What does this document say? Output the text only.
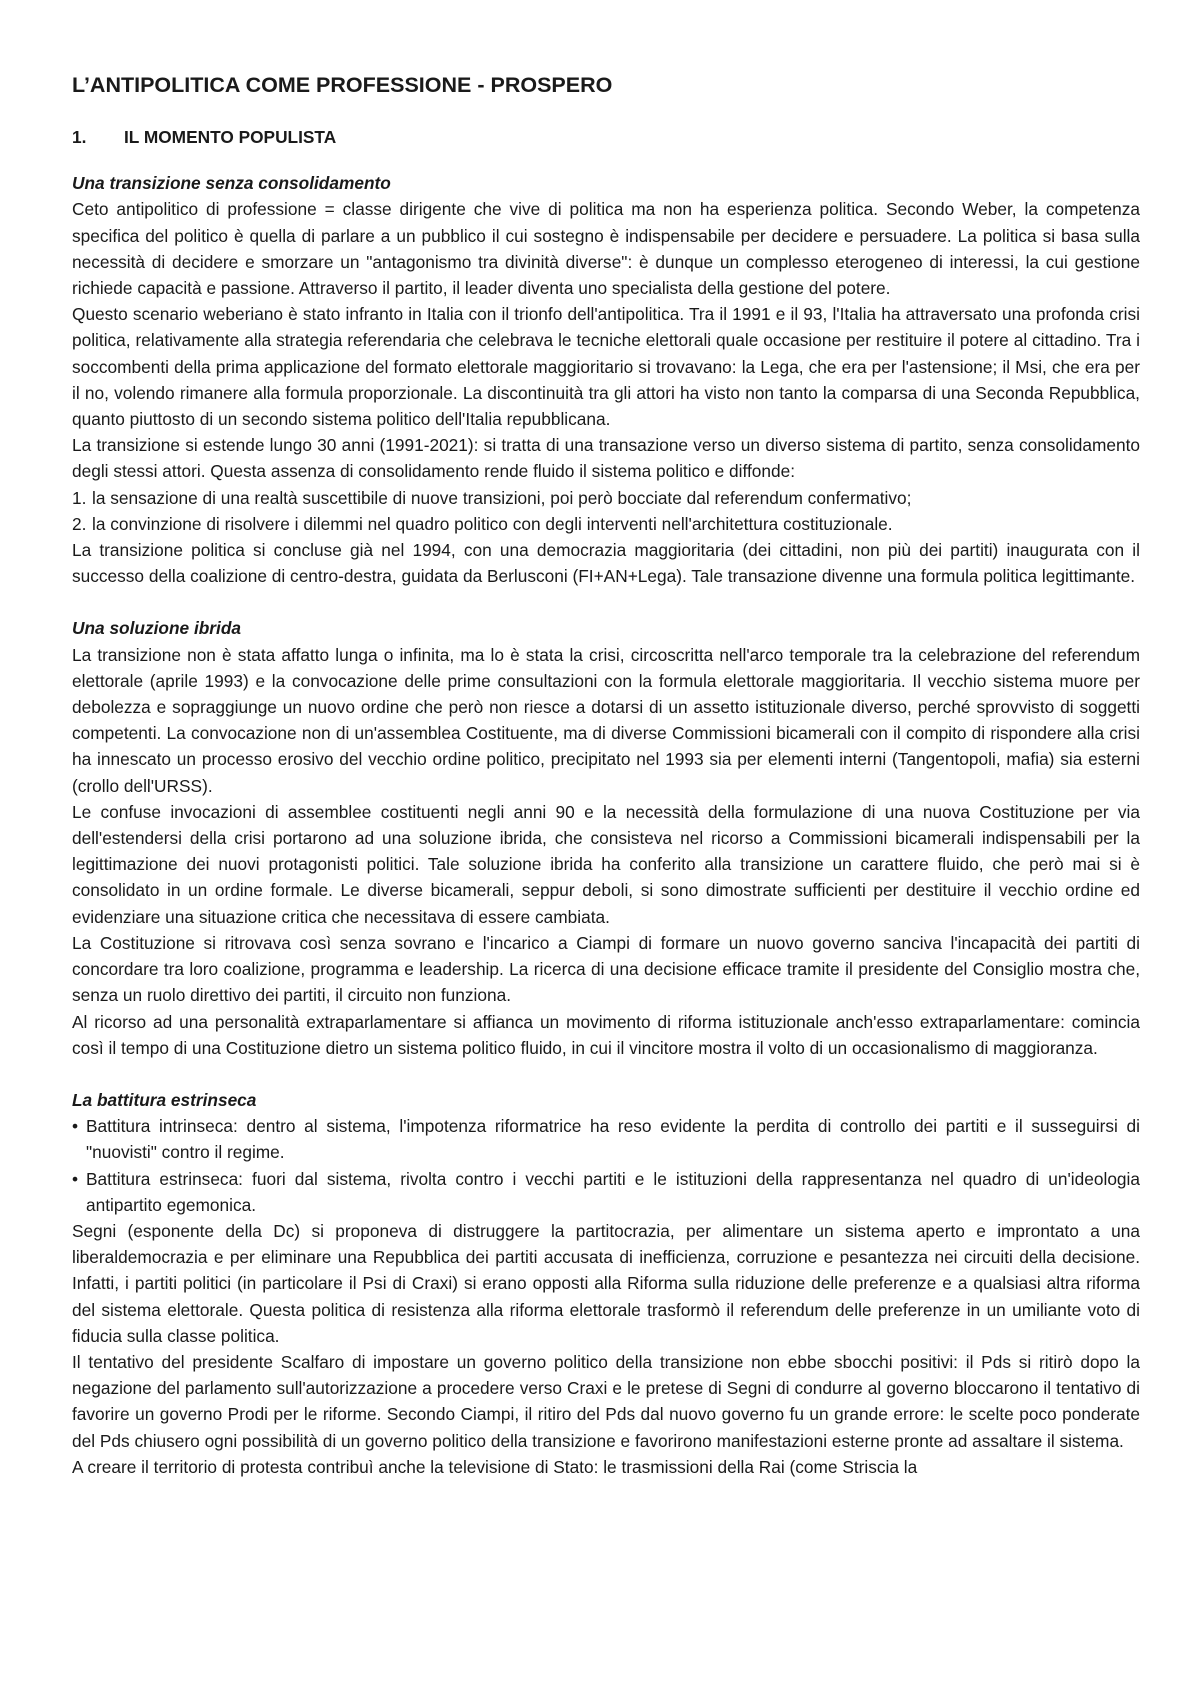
L’ANTIPOLITICA COME PROFESSIONE - PROSPERO
1.	IL MOMENTO POPULISTA

Una transizione senza consolidamento

Ceto antipolitico di professione = classe dirigente che vive di politica ma non ha esperienza politica. Secondo Weber, la competenza specifica del politico è quella di parlare a un pubblico il cui sostegno è indispensabile per decidere e persuadere. La politica si basa sulla necessità di decidere e smorzare un "antagonismo tra divinità diverse": è dunque un complesso eterogeneo di interessi, la cui gestione richiede capacità e passione. Attraverso il partito, il leader diventa uno specialista della gestione del potere.

Questo scenario weberiano è stato infranto in Italia con il trionfo dell'antipolitica. Tra il 1991 e il 93, l'Italia ha attraversato una profonda crisi politica, relativamente alla strategia referendaria che celebrava le tecniche elettorali quale occasione per restituire il potere al cittadino. Tra i soccombenti della prima applicazione del formato elettorale maggioritario si trovavano: la Lega, che era per l'astensione; il Msi, che era per il no, volendo rimanere alla formula proporzionale. La discontinuità tra gli attori ha visto non tanto la comparsa di una Seconda Repubblica, quanto piuttosto di un secondo sistema politico dell'Italia repubblicana.

La transizione si estende lungo 30 anni (1991-2021): si tratta di una transazione verso un diverso sistema di partito, senza consolidamento degli stessi attori. Questa assenza di consolidamento rende fluido il sistema politico e diffonde:

1. la sensazione di una realtà suscettibile di nuove transizioni, poi però bocciate dal referendum confermativo;
2. la convinzione di risolvere i dilemmi nel quadro politico con degli interventi nell'architettura costituzionale.

La transizione politica si concluse già nel 1994, con una democrazia maggioritaria (dei cittadini, non più dei partiti) inaugurata con il successo della coalizione di centro-destra, guidata da Berlusconi (FI+AN+Lega). Tale transazione divenne una formula politica legittimante.

Una soluzione ibrida

La transizione non è stata affatto lunga o infinita, ma lo è stata la crisi, circoscritta nell'arco temporale tra la celebrazione del referendum elettorale (aprile 1993) e la convocazione delle prime consultazioni con la formula elettorale maggioritaria. Il vecchio sistema muore per debolezza e sopraggiunge un nuovo ordine che però non riesce a dotarsi di un assetto istituzionale diverso, perché sprovvisto di soggetti competenti. La convocazione non di un'assemblea Costituente, ma di diverse Commissioni bicamerali con il compito di rispondere alla crisi ha innescato un processo erosivo del vecchio ordine politico, precipitato nel 1993 sia per elementi interni (Tangentopoli, mafia) sia esterni (crollo dell'URSS).

Le confuse invocazioni di assemblee costituenti negli anni 90 e la necessità della formulazione di una nuova Costituzione per via dell'estendersi della crisi portarono ad una soluzione ibrida, che consisteva nel ricorso a Commissioni bicamerali indispensabili per la legittimazione dei nuovi protagonisti politici. Tale soluzione ibrida ha conferito alla transizione un carattere fluido, che però mai si è consolidato in un ordine formale. Le diverse bicamerali, seppur deboli, si sono dimostrate sufficienti per destituire il vecchio ordine ed evidenziare una situazione critica che necessitava di essere cambiata.

La Costituzione si ritrovava così senza sovrano e l'incarico a Ciampi di formare un nuovo governo sanciva l'incapacità dei partiti di concordare tra loro coalizione, programma e leadership. La ricerca di una decisione efficace tramite il presidente del Consiglio mostra che, senza un ruolo direttivo dei partiti, il circuito non funziona.

Al ricorso ad una personalità extraparlamentare si affianca un movimento di riforma istituzionale anch'esso extraparlamentare: comincia così il tempo di una Costituzione dietro un sistema politico fluido, in cui il vincitore mostra il volto di un occasionalismo di maggioranza.

La battitura estrinseca

• Battitura intrinseca: dentro al sistema, l'impotenza riformatrice ha reso evidente la perdita di controllo dei partiti e il susseguirsi di "nuovisti" contro il regime.
• Battitura estrinseca: fuori dal sistema, rivolta contro i vecchi partiti e le istituzioni della rappresentanza nel quadro di un'ideologia antipartito egemonica.

Segni (esponente della Dc) si proponeva di distruggere la partitocrazia, per alimentare un sistema aperto e improntato a una liberaldemocrazia e per eliminare una Repubblica dei partiti accusata di inefficienza, corruzione e pesantezza nei circuiti della decisione. Infatti, i partiti politici (in particolare il Psi di Craxi) si erano opposti alla Riforma sulla riduzione delle preferenze e a qualsiasi altra riforma del sistema elettorale. Questa politica di resistenza alla riforma elettorale trasformò il referendum delle preferenze in un umiliante voto di fiducia sulla classe politica.

Il tentativo del presidente Scalfaro di impostare un governo politico della transizione non ebbe sbocchi positivi: il Pds si ritirò dopo la negazione del parlamento sull'autorizzazione a procedere verso Craxi e le pretese di Segni di condurre al governo bloccarono il tentativo di favorire un governo Prodi per le riforme. Secondo Ciampi, il ritiro del Pds dal nuovo governo fu un grande errore: le scelte poco ponderate del Pds chiusero ogni possibilità di un governo politico della transizione e favorirono manifestazioni esterne pronte ad assaltare il sistema.

A creare il territorio di protesta contribuì anche la televisione di Stato: le trasmissioni della Rai (come Striscia la
